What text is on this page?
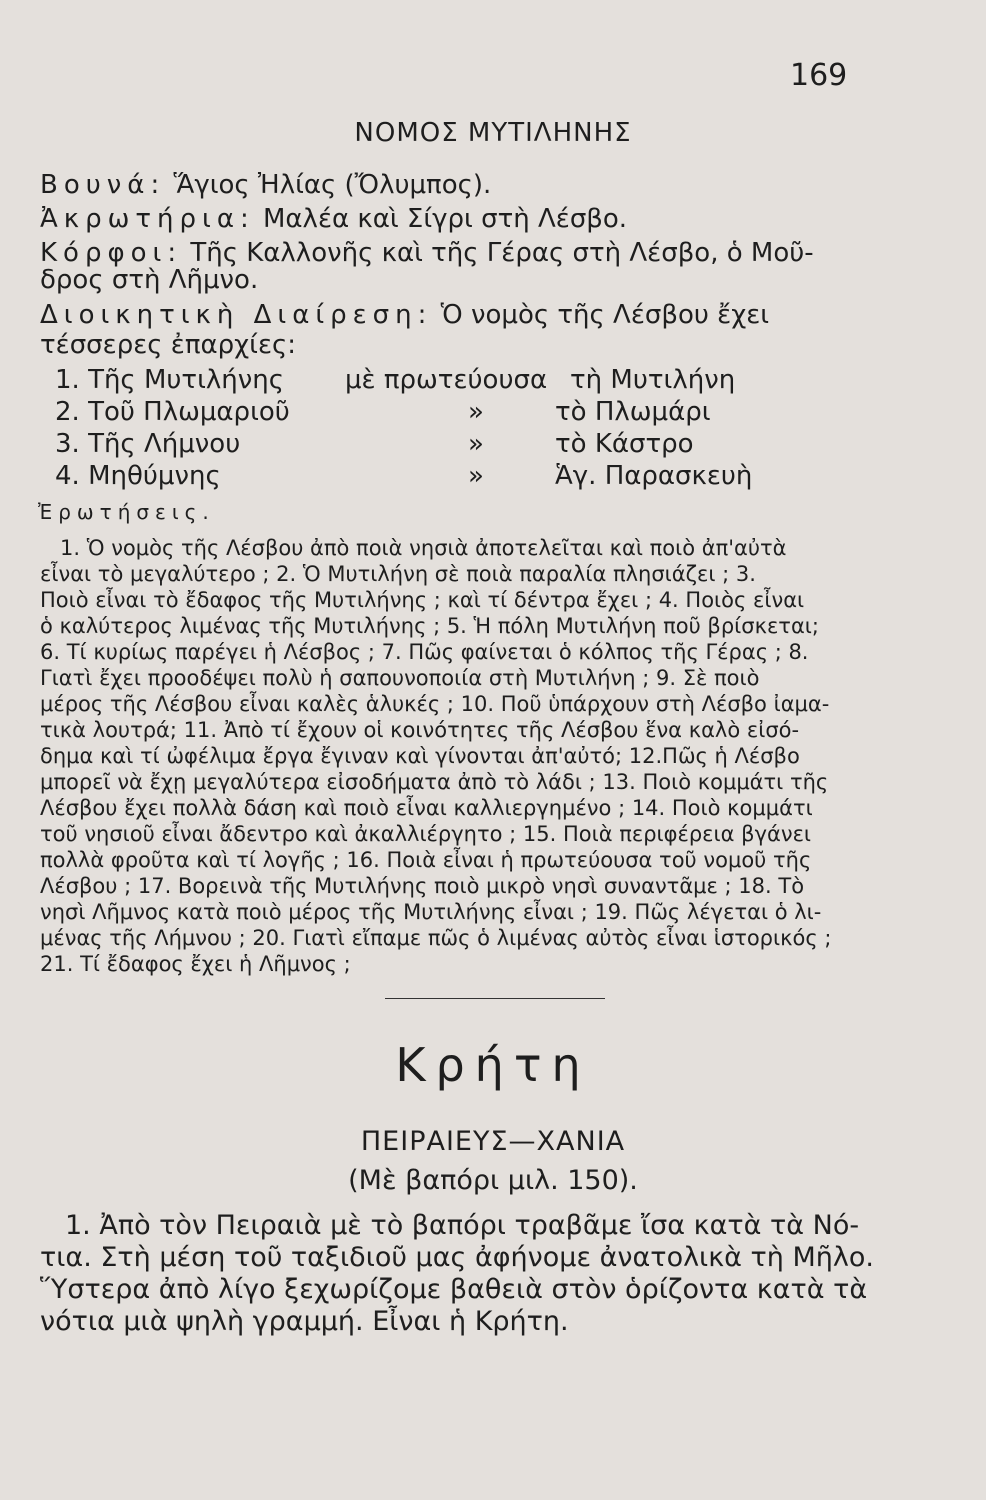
169
ΝΟΜΟΣ ΜΥΤΙΛΗΝΗΣ
Βουνά: Ἅγιος Ἠλίας (Ὄλυμπος).
Ἀκρωτήρια: Μαλέα καὶ Σίγρι στὴ Λέσβο.
Κόρφοι: Τῆς Καλλονῆς καὶ τῆς Γέρας στὴ Λέσβο, ὁ Μοῦ-
δρος στὴ Λῆμνο.
Διοικητικὴ Διαίρεση: Ὁ νομὸς τῆς Λέσβου ἔχει
τέσσερες ἐπαρχίες:
1. Τῆς Μυτιλήνης μὲ πρωτεύουσα τὴ Μυτιλήνη
2. Τοῦ Πλωμαριοῦ	»	τὸ Πλωμάρι
3. Τῆς Λήμνου	»	τὸ Κάστρο
4. Μηθύμνης	»	Ἁγ. Παρασκευὴ
Ἐρωτήσεις.
1. Ὁ νομὸς τῆς Λέσβου ἀπὸ ποιὰ νησιὰ ἀποτελεῖται καὶ ποιὸ ἀπ'αὐτὰ
εἶναι τὸ μεγαλύτερο ; 2. Ὁ Μυτιλήνη σὲ ποιὰ παραλία πλησιάζει ; 3.
Ποιὸ εἶναι τὸ ἔδαφος τῆς Μυτιλήνης ; καὶ τί δέντρα ἔχει ; 4. Ποιὸς εἶναι
ὁ καλύτερος λιμένας τῆς Μυτιλήνης ; 5. Ἡ πόλη Μυτιλήνη ποῦ βρίσκεται;
6. Τί κυρίως παρέγει ἡ Λέσβος ; 7. Πῶς φαίνεται ὁ κόλπος τῆς Γέρας ; 8.
Γιατὶ ἔχει προοδέψει πολὺ ἡ σαπουνοποιία στὴ Μυτιλήνη ; 9. Σὲ ποιὸ
μέρος τῆς Λέσβου εἶναι καλὲς ἁλυκές ; 10. Ποῦ ὑπάρχουν στὴ Λέσβο ἰαμα-
τικὰ λουτρά; 11. Ἀπὸ τί ἔχουν οἱ κοινότητες τῆς Λέσβου ἕνα καλὸ εἰσό-
δημα καὶ τί ὠφέλιμα ἔργα ἔγιναν καὶ γίνονται ἀπ'αὐτό; 12.Πῶς ἡ Λέσβο
μπορεῖ νὰ ἔχῃ μεγαλύτερα εἰσοδήματα ἀπὸ τὸ λάδι ; 13. Ποιὸ κομμάτι τῆς
Λέσβου ἔχει πολλὰ δάση καὶ ποιὸ εἶναι καλλιεργημένο ; 14. Ποιὸ κομμάτι
τοῦ νησιοῦ εἶναι ἄδεντρο καὶ ἀκαλλιέργητο ; 15. Ποιὰ περιφέρεια βγάνει
πολλὰ φροῦτα καὶ τί λογῆς ; 16. Ποιὰ εἶναι ἡ πρωτεύουσα τοῦ νομοῦ τῆς
Λέσβου ; 17. Βορεινὰ τῆς Μυτιλήνης ποιὸ μικρὸ νησὶ συναντᾶμε ; 18. Τὸ
νησὶ Λῆμνος κατὰ ποιὸ μέρος τῆς Μυτιλήνης εἶναι ; 19. Πῶς λέγεται ὁ λι-
μένας τῆς Λήμνου ; 20. Γιατὶ εἴπαμε πῶς ὁ λιμένας αὐτὸς εἶναι ἱστορικός ;
21. Τί ἔδαφος ἔχει ἡ Λῆμνος ;
Κρήτη
ΠΕΙΡΑΙΕΥΣ—ΧΑΝΙΑ
(Μὲ βαπόρι μιλ. 150).
1. Ἀπὸ τὸν Πειραιὰ μὲ τὸ βαπόρι τραβᾶμε ἴσα κατὰ τὰ Νό-
τια. Στὴ μέση τοῦ ταξιδιοῦ μας ἀφήνομε ἀνατολικὰ τὴ Μῆλο.
Ὕστερα ἀπὸ λίγο ξεχωρίζομε βαθειὰ στὸν ὁρίζοντα κατὰ τὰ
νότια μιὰ ψηλὴ γραμμή. Εἶναι ἡ Κρήτη.
